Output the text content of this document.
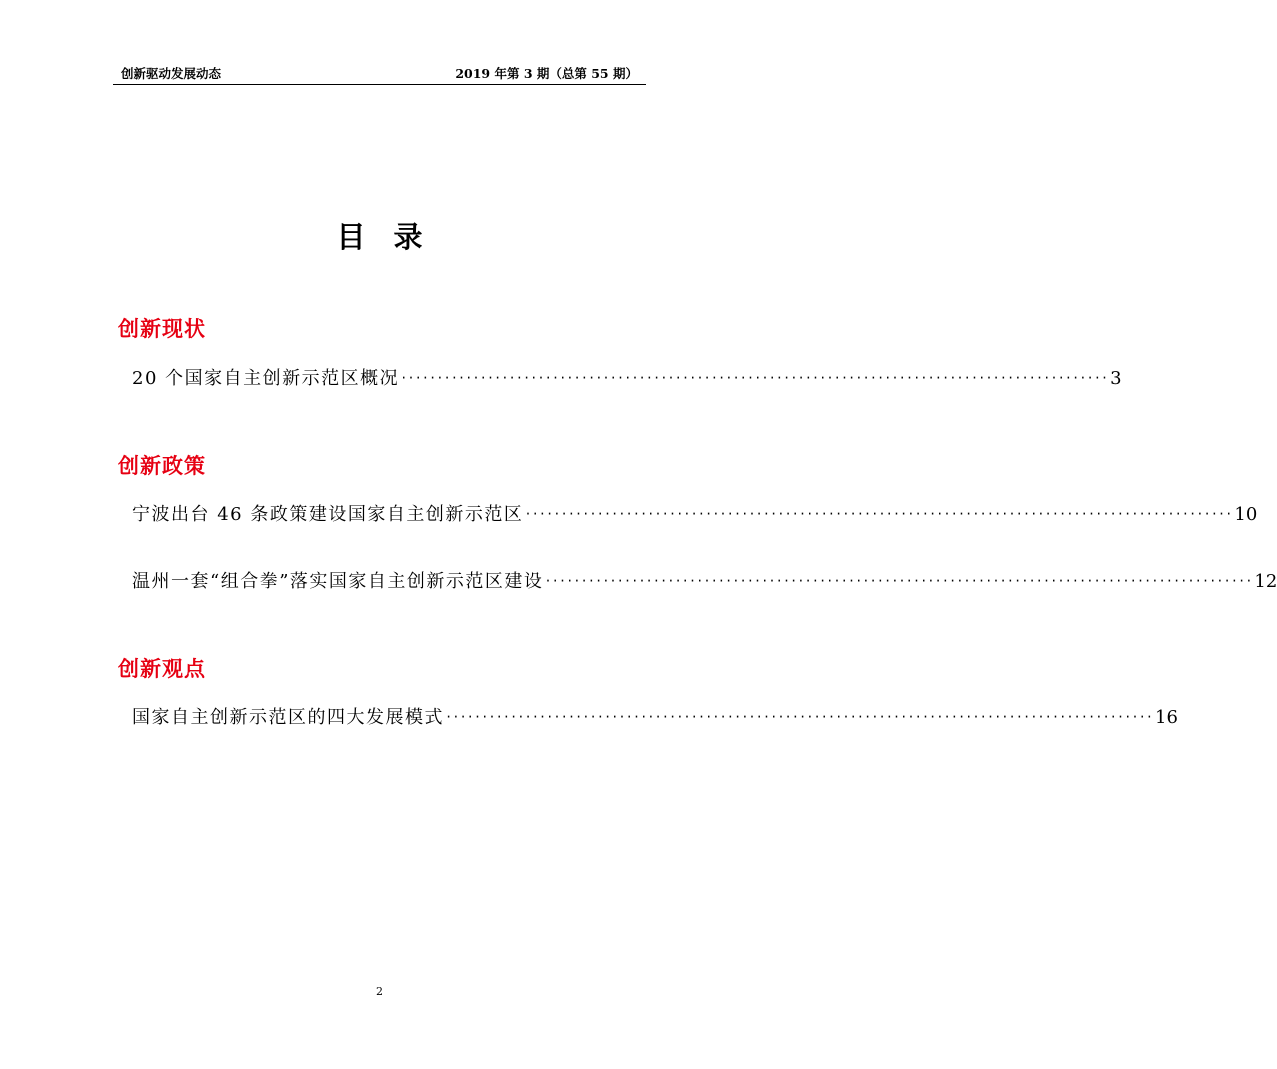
创新驱动发展动态	2019 年第 3 期（总第 55 期）
目录
创新现状
20 个国家自主创新示范区概况 ·································································································· 3
创新政策
宁波出台 46 条政策建设国家自主创新示范区 ·································································································· 10
温州一套“组合拳”落实国家自主创新示范区建设 ·································································································· 12
创新观点
国家自主创新示范区的四大发展模式 ·································································································· 16
2
